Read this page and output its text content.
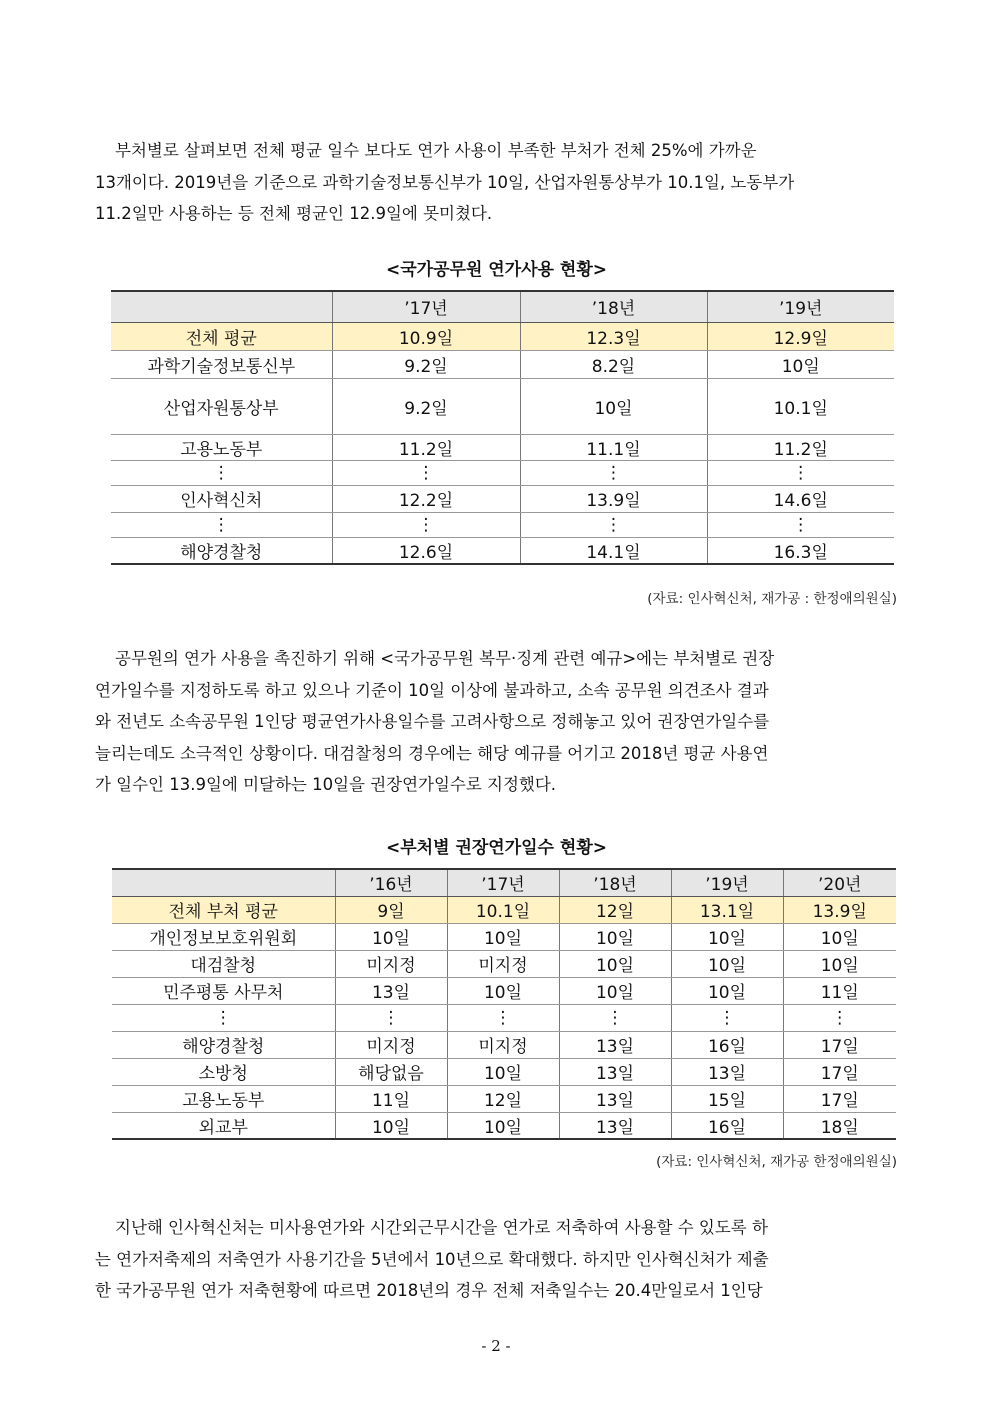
부처별로 살펴보면 전체 평균 일수 보다도 연가 사용이 부족한 부처가 전체 25%에 가까운
13개이다. 2019년을 기준으로 과학기술정보통신부가 10일, 산업자원통상부가 10.1일, 노동부가
11.2일만 사용하는 등 전체 평균인 12.9일에 못미쳤다.
<국가공무원 연가사용 현황>
	’17년	’18년	’19년
전체 평균	10.9일	12.3일	12.9일
과학기술정보통신부	9.2일	8.2일	10일
산업자원통상부	9.2일	10일	10.1일
고용노동부	11.2일	11.1일	11.2일
⋮	⋮	⋮	⋮
인사혁신처	12.2일	13.9일	14.6일
⋮	⋮	⋮	⋮
해양경찰청	12.6일	14.1일	16.3일
(자료: 인사혁신처, 재가공 : 한정애의원실)
공무원의 연가 사용을 촉진하기 위해 <국가공무원 복무·징계 관련 예규>에는 부처별로 권장
연가일수를 지정하도록 하고 있으나 기준이 10일 이상에 불과하고, 소속 공무원 의견조사 결과
와 전년도 소속공무원 1인당 평균연가사용일수를 고려사항으로 정해놓고 있어 권장연가일수를
늘리는데도 소극적인 상황이다. 대검찰청의 경우에는 해당 예규를 어기고 2018년 평균 사용연
가 일수인 13.9일에 미달하는 10일을 권장연가일수로 지정했다.
<부처별 권장연가일수 현황>
	’16년	’17년	’18년	’19년	’20년
전체 부처 평균	9일	10.1일	12일	13.1일	13.9일
개인정보보호위원회	10일	10일	10일	10일	10일
대검찰청	미지정	미지정	10일	10일	10일
민주평통 사무처	13일	10일	10일	10일	11일
⋮	⋮	⋮	⋮	⋮	⋮
해양경찰청	미지정	미지정	13일	16일	17일
소방청	해당없음	10일	13일	13일	17일
고용노동부	11일	12일	13일	15일	17일
외교부	10일	10일	13일	16일	18일
(자료: 인사혁신처, 재가공 한정애의원실)
지난해 인사혁신처는 미사용연가와 시간외근무시간을 연가로 저축하여 사용할 수 있도록 하
는 연가저축제의 저축연가 사용기간을 5년에서 10년으로 확대했다. 하지만 인사혁신처가 제출
한 국가공무원 연가 저축현황에 따르면 2018년의 경우 전체 저축일수는 20.4만일로서 1인당
- 2 -
